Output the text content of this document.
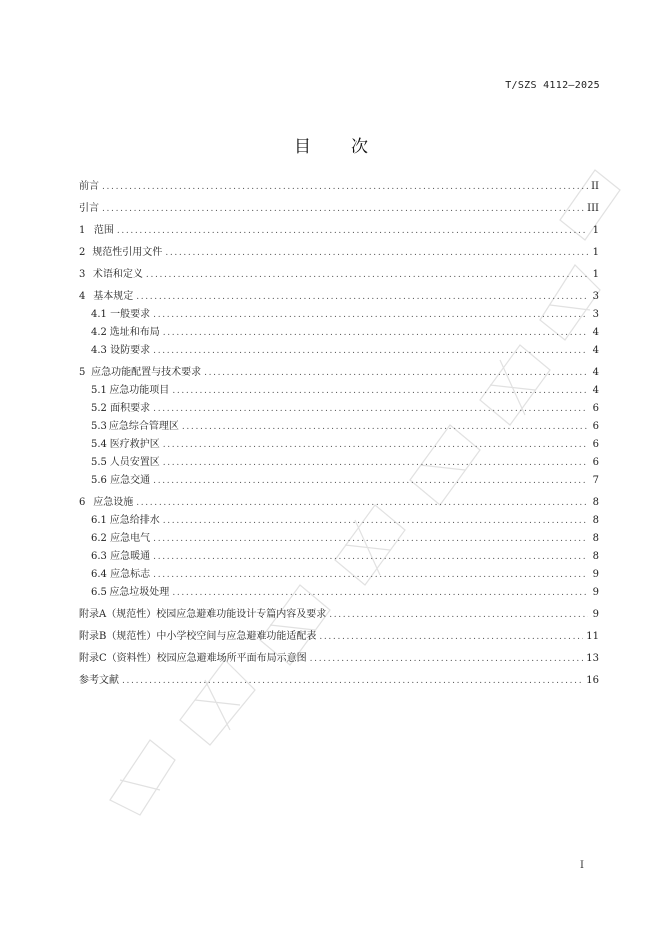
T/SZS 4112—2025
目 次
前言 . . .	II
引言 . . .	III
1 范围 . . .	1
2 规范性引用文件 . . .	1
3 术语和定义 . . .	1
4 基本规定 . . .	3
4.1 一般要求 . . .	3
4.2 选址和布局 . . .	4
4.3 设防要求 . . .	4
5 应急功能配置与技术要求 . . .	4
5.1 应急功能项目 . . .	4
5.2 面积要求 . . .	6
5.3 应急综合管理区 . . .	6
5.4 医疗救护区 . . .	6
5.5 人员安置区 . . .	6
5.6 应急交通 . . .	7
6 应急设施 . . .	8
6.1 应急给排水 . . .	8
6.2 应急电气 . . .	8
6.3 应急暖通 . . .	8
6.4 应急标志 . . .	9
6.5 应急垃圾处理 . . .	9
附录A（规范性） 校园应急避难功能设计专篇内容及要求 . . .	9
附录B（规范性） 中小学校空间与应急避难功能适配表 . . .	11
附录C（资料性） 校园应急避难场所平面布局示意图 . . .	13
参考文献 . . .	16
I
